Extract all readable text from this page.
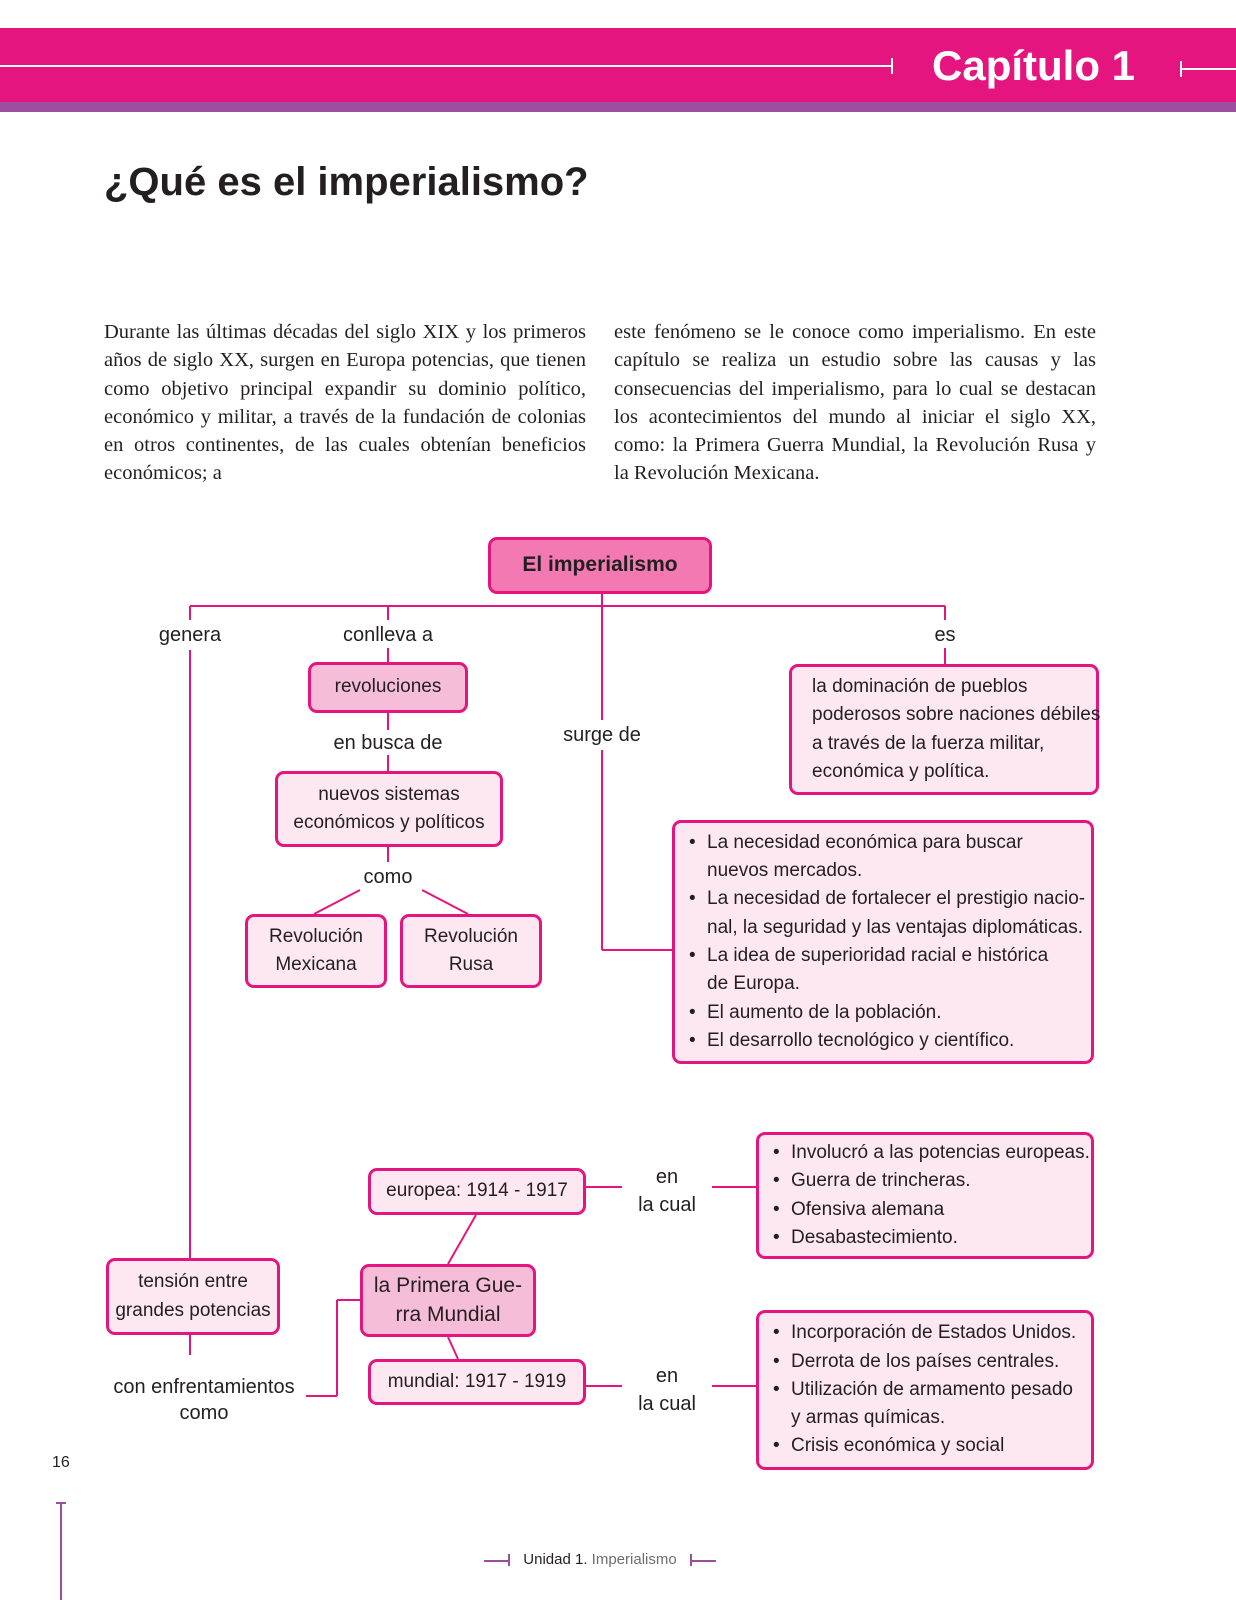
Capítulo 1
¿Qué es el imperialismo?
Durante las últimas décadas del siglo XIX y los primeros años de siglo XX, surgen en Europa potencias, que tienen como objetivo principal expandir su dominio político, económico y militar, a través de la fundación de colonias en otros continentes, de las cuales obtenían beneficios económicos; a
este fenómeno se le conoce como imperialismo. En este capítulo se realiza un estudio sobre las causas y las consecuencias del imperialismo, para lo cual se destacan los acontecimientos del mundo al iniciar el siglo XX, como: la Primera Guerra Mundial, la Revolución Rusa y la Revolución Mexicana.
El imperialismo
genera	conlleva a	es
surge de
en busca de
como
con enfrentamientos
como
en
la cual
en
la cual
revoluciones
nuevos sistemas
económicos y políticos
Revolución
Mexicana
Revolución
Rusa
la dominación de pueblos
poderosos sobre naciones débiles
a través de la fuerza militar,
económica y política.
• La necesidad económica para buscar
nuevos mercados.
• La necesidad de fortalecer el prestigio nacio-
nal, la seguridad y las ventajas diplomáticas.
• La idea de superioridad racial e histórica
de Europa.
• El aumento de la población.
• El desarrollo tecnológico y científico.
tensión entre
grandes potencias
europea: 1914 - 1917
la Primera Gue-
rra Mundial
mundial: 1917 - 1919
• Involucró a las potencias europeas.
• Guerra de trincheras.
• Ofensiva alemana
• Desabastecimiento.
• Incorporación de Estados Unidos.
• Derrota de los países centrales.
• Utilización de armamento pesado
y armas químicas.
• Crisis económica y social
16
Unidad 1. Imperialismo
